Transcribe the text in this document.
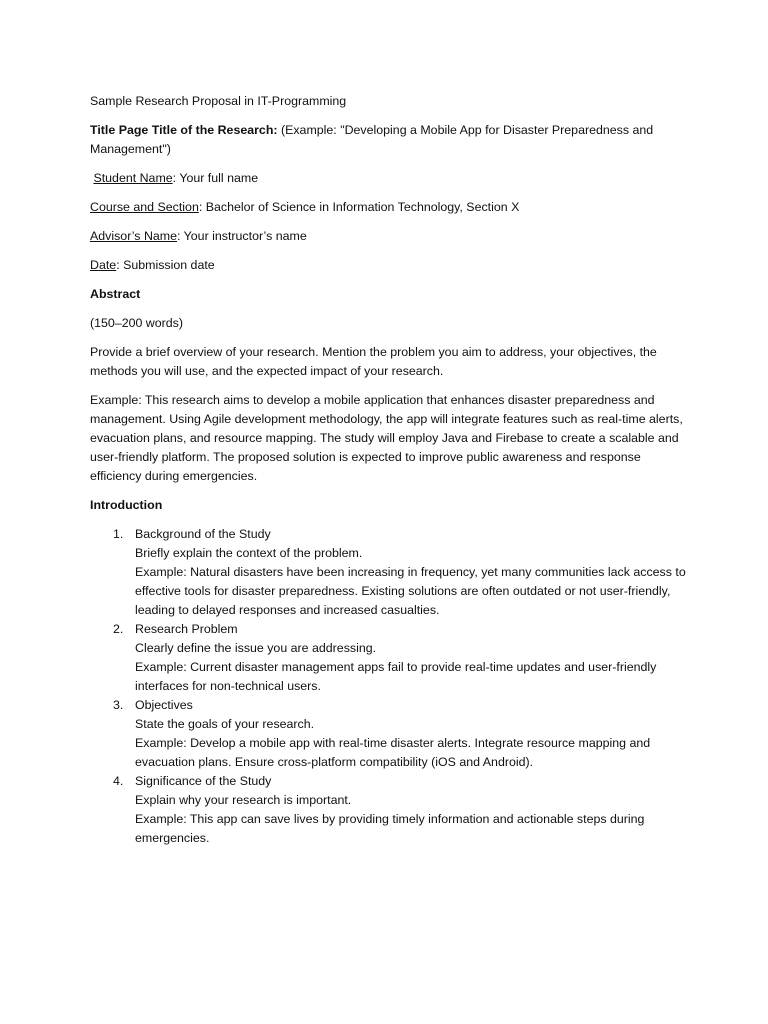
Sample Research Proposal in IT-Programming

Title Page Title of the Research: (Example: "Developing a Mobile App for Disaster Preparedness and Management")

Student Name: Your full name

Course and Section: Bachelor of Science in Information Technology, Section X

Advisor’s Name: Your instructor’s name

Date: Submission date

Abstract

(150–200 words)

Provide a brief overview of your research. Mention the problem you aim to address, your objectives, the methods you will use, and the expected impact of your research.

Example: This research aims to develop a mobile application that enhances disaster preparedness and management. Using Agile development methodology, the app will integrate features such as real-time alerts, evacuation plans, and resource mapping. The study will employ Java and Firebase to create a scalable and user-friendly platform. The proposed solution is expected to improve public awareness and response efficiency during emergencies.

Introduction

1. Background of the Study
Briefly explain the context of the problem.
Example: Natural disasters have been increasing in frequency, yet many communities lack access to effective tools for disaster preparedness. Existing solutions are often outdated or not user-friendly, leading to delayed responses and increased casualties.
2. Research Problem
Clearly define the issue you are addressing.
Example: Current disaster management apps fail to provide real-time updates and user-friendly interfaces for non-technical users.
3. Objectives
State the goals of your research.
Example: Develop a mobile app with real-time disaster alerts. Integrate resource mapping and evacuation plans. Ensure cross-platform compatibility (iOS and Android).
4. Significance of the Study
Explain why your research is important.
Example: This app can save lives by providing timely information and actionable steps during emergencies.
